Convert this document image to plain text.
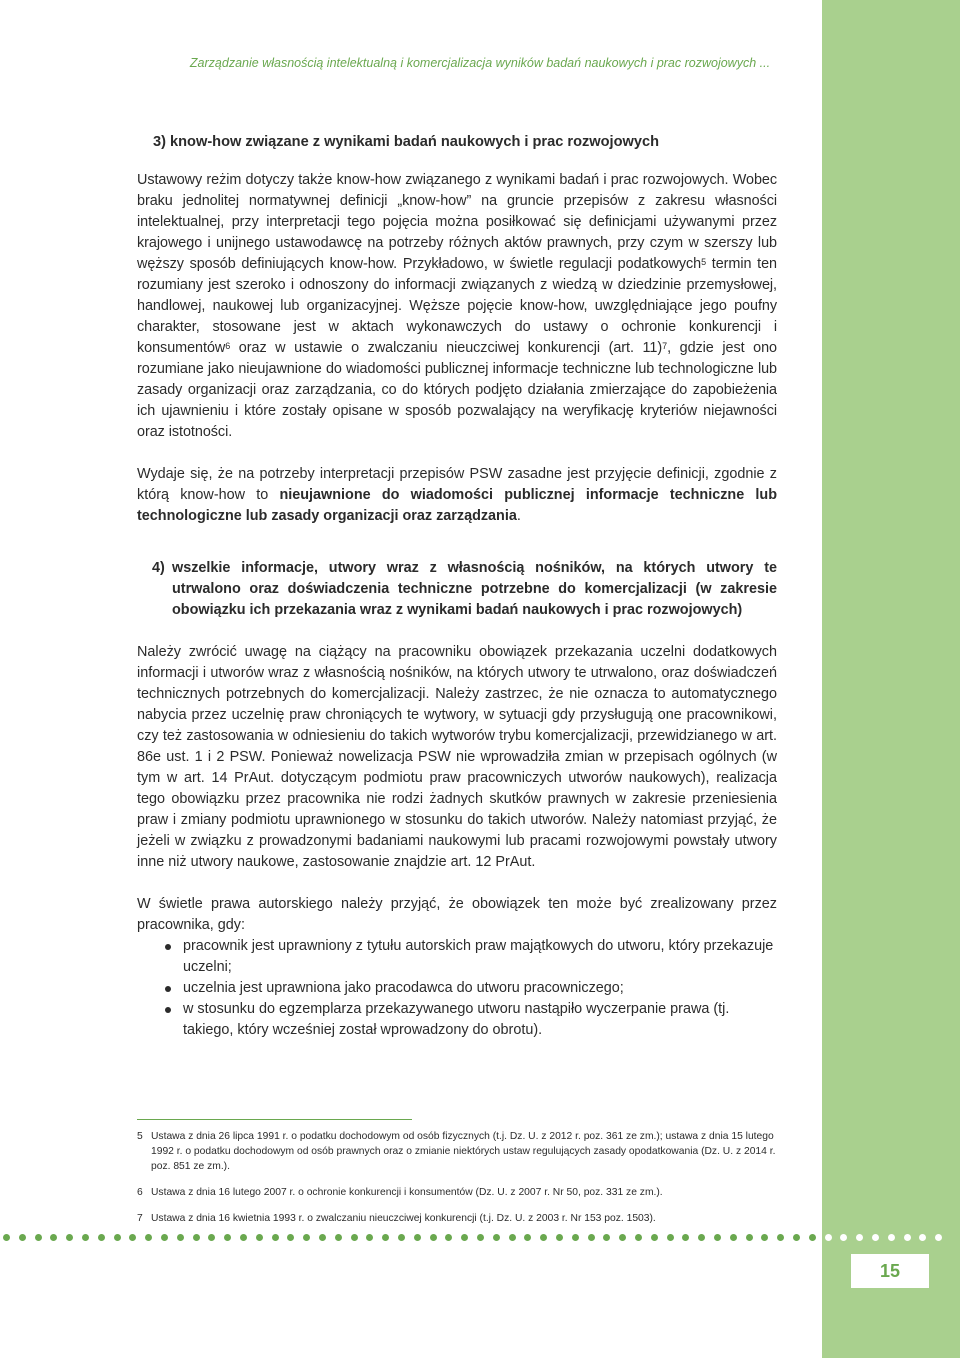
Zarządzanie własnością intelektualną i komercjalizacja wyników badań naukowych i prac rozwojowych ...
3) know-how związane z wynikami badań naukowych i prac rozwojowych

Ustawowy reżim dotyczy także know-how związanego z wynikami badań i prac rozwojowych. Wobec braku jednolitej normatywnej definicji „know-how” na gruncie przepisów z zakresu własności intelektualnej, przy interpretacji tego pojęcia można posiłkować się definicjami używanymi przez krajowego i unijnego ustawodawcę na potrzeby różnych aktów prawnych, przy czym w szerszy lub węższy sposób definiujących know-how. Przykładowo, w świetle regulacji podatkowych$^5$ termin ten rozumiany jest szeroko i odnoszony do informacji związanych z wiedzą w dziedzinie przemysłowej, handlowej, naukowej lub organizacyjnej. Węższe pojęcie know-how, uwzględniające jego poufny charakter, stosowane jest w aktach wykonawczych do ustawy o ochronie konkurencji i konsumentów$^6$ oraz w ustawie o zwalczaniu nieuczciwej konkurencji (art. 11)$^7$, gdzie jest ono rozumiane jako nieujawnione do wiadomości publicznej informacje techniczne lub technologiczne lub zasady organizacji oraz zarządzania, co do których podjęto działania zmierzające do zapobieżenia ich ujawnieniu i które zostały opisane w sposób pozwalający na weryfikację kryteriów niejawności oraz istotności.

Wydaje się, że na potrzeby interpretacji przepisów PSW zasadne jest przyjęcie definicji, zgodnie z którą know-how to nieujawnione do wiadomości publicznej informacje techniczne lub technologiczne lub zasady organizacji oraz zarządzania.

4) wszelkie informacje, utwory wraz z własnością nośników, na których utwory te utrwalono oraz doświadczenia techniczne potrzebne do komercjalizacji (w zakresie obowiązku ich przekazania wraz z wynikami badań naukowych i prac rozwojowych)

Należy zwrócić uwagę na ciążący na pracowniku obowiązek przekazania uczelni dodatkowych informacji i utworów wraz z własnością nośników, na których utwory te utrwalono, oraz doświadczeń technicznych potrzebnych do komercjalizacji. Należy zastrzec, że nie oznacza to automatycznego nabycia przez uczelnię praw chroniących te wytwory, w sytuacji gdy przysługują one pracownikowi, czy też zastosowania w odniesieniu do takich wytworów trybu komercjalizacji, przewidzianego w art. 86e ust. 1 i 2 PSW. Ponieważ nowelizacja PSW nie wprowadziła zmian w przepisach ogólnych (w tym w art. 14 PrAut. dotyczącym podmiotu praw pracowniczych utworów naukowych), realizacja tego obowiązku przez pracownika nie rodzi żadnych skutków prawnych w zakresie przeniesienia praw i zmiany podmiotu uprawnionego w stosunku do takich utworów. Należy natomiast przyjąć, że jeżeli w związku z prowadzonymi badaniami naukowymi lub pracami rozwojowymi powstały utwory inne niż utwory naukowe, zastosowanie znajdzie art. 12 PrAut.

W świetle prawa autorskiego należy przyjąć, że obowiązek ten może być zrealizowany przez pracownika, gdy:

pracownik jest uprawniony z tytułu autorskich praw majątkowych do utworu, który przekazuje uczelni;
uczelnia jest uprawniona jako pracodawca do utworu pracowniczego;
w stosunku do egzemplarza przekazywanego utworu nastąpiło wyczerpanie prawa (tj. takiego, który wcześniej został wprowadzony do obrotu).
5 Ustawa z dnia 26 lipca 1991 r. o podatku dochodowym od osób fizycznych (t.j. Dz. U. z 2012 r. poz. 361 ze zm.); ustawa z dnia 15 lutego 1992 r. o podatku dochodowym od osób prawnych oraz o zmianie niektórych ustaw regulujących zasady opodatkowania (Dz. U. z 2014 r. poz. 851 ze zm.).
6 Ustawa z dnia 16 lutego 2007 r. o ochronie konkurencji i konsumentów (Dz. U. z 2007 r. Nr 50, poz. 331 ze zm.).
7 Ustawa z dnia 16 kwietnia 1993 r. o zwalczaniu nieuczciwej konkurencji (t.j. Dz. U. z 2003 r. Nr 153 poz. 1503).
15
